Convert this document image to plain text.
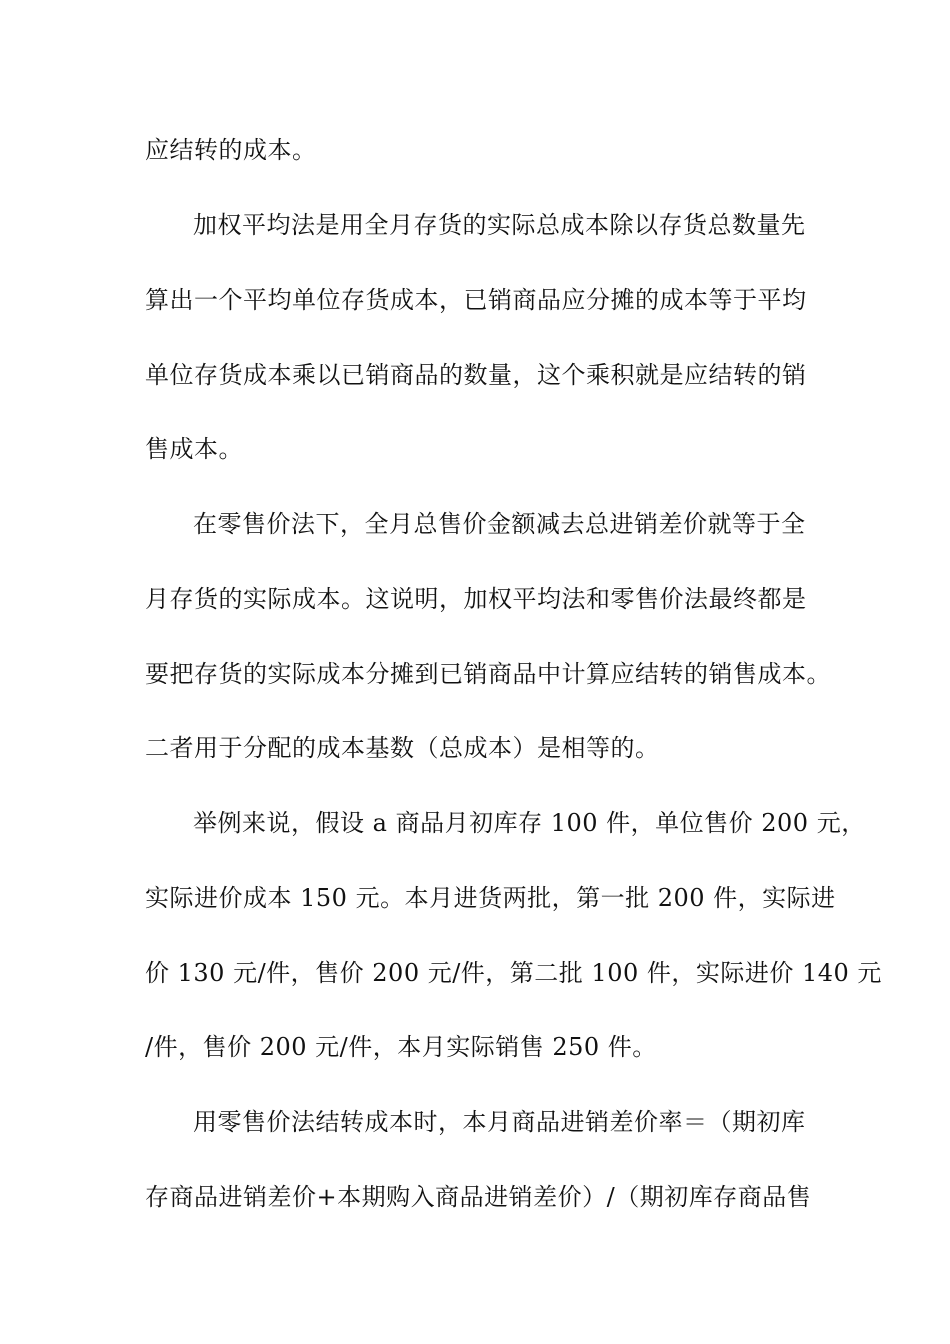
应结转的成本。
加权平均法是用全月存货的实际总成本除以存货总数量先
算出一个平均单位存货成本，已销商品应分摊的成本等于平均
单位存货成本乘以已销商品的数量，这个乘积就是应结转的销
售成本。
在零售价法下，全月总售价金额减去总进销差价就等于全
月存货的实际成本。这说明，加权平均法和零售价法最终都是
要把存货的实际成本分摊到已销商品中计算应结转的销售成本。
二者用于分配的成本基数（总成本）是相等的。
举例来说，假设 a 商品月初库存 100 件，单位售价 200 元，
实际进价成本 150 元。本月进货两批，第一批 200 件，实际进
价 130 元/件，售价 200 元/件，第二批 100 件，实际进价 140 元
/件，售价 200 元/件，本月实际销售 250 件。
用零售价法结转成本时，本月商品进销差价率＝（期初库
存商品进销差价+本期购入商品进销差价）/（期初库存商品售
